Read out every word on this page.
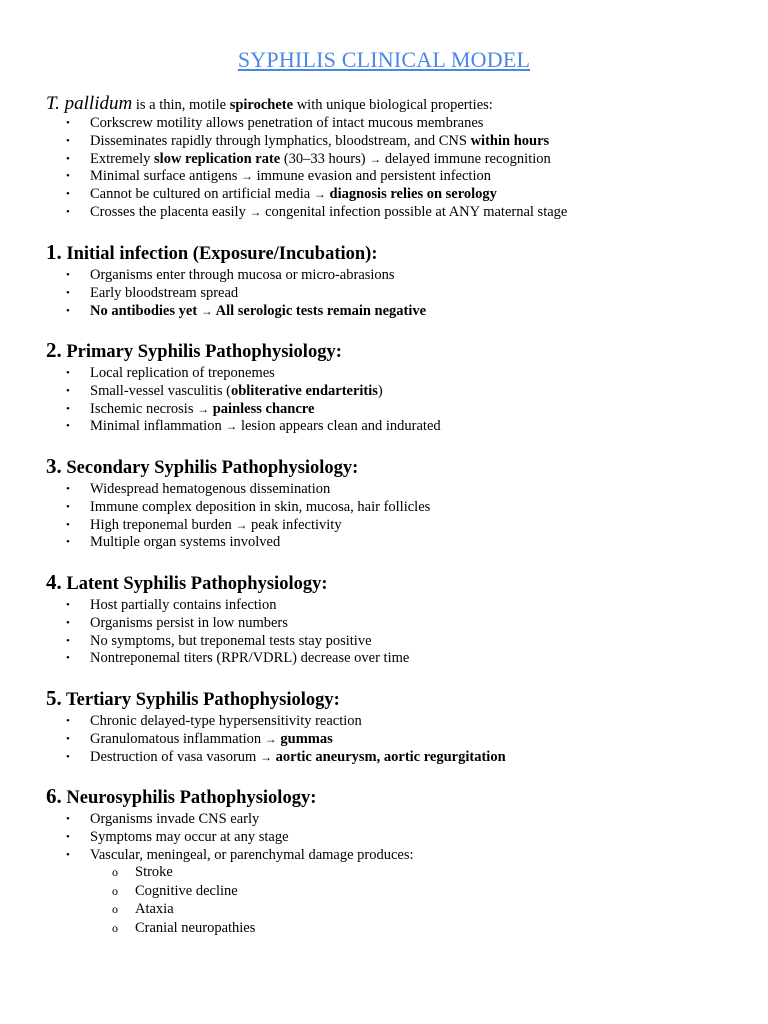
SYPHILIS CLINICAL MODEL
T. pallidum is a thin, motile spirochete with unique biological properties:
• Corkscrew motility allows penetration of intact mucous membranes
• Disseminates rapidly through lymphatics, bloodstream, and CNS within hours
• Extremely slow replication rate (30–33 hours) → delayed immune recognition
• Minimal surface antigens → immune evasion and persistent infection
• Cannot be cultured on artificial media → diagnosis relies on serology
• Crosses the placenta easily → congenital infection possible at ANY maternal stage
1. Initial infection (Exposure/Incubation):
• Organisms enter through mucosa or micro-abrasions
• Early bloodstream spread
• No antibodies yet → All serologic tests remain negative
2. Primary Syphilis Pathophysiology:
• Local replication of treponemes
• Small-vessel vasculitis (obliterative endarteritis)
• Ischemic necrosis → painless chancre
• Minimal inflammation → lesion appears clean and indurated
3. Secondary Syphilis Pathophysiology:
• Widespread hematogenous dissemination
• Immune complex deposition in skin, mucosa, hair follicles
• High treponemal burden → peak infectivity
• Multiple organ systems involved
4. Latent Syphilis Pathophysiology:
• Host partially contains infection
• Organisms persist in low numbers
• No symptoms, but treponemal tests stay positive
• Nontreponemal titers (RPR/VDRL) decrease over time
5. Tertiary Syphilis Pathophysiology:
• Chronic delayed-type hypersensitivity reaction
• Granulomatous inflammation → gummas
• Destruction of vasa vasorum → aortic aneurysm, aortic regurgitation
6. Neurosyphilis Pathophysiology:
• Organisms invade CNS early
• Symptoms may occur at any stage
• Vascular, meningeal, or parenchymal damage produces:
o Stroke
o Cognitive decline
o Ataxia
o Cranial neuropathies
